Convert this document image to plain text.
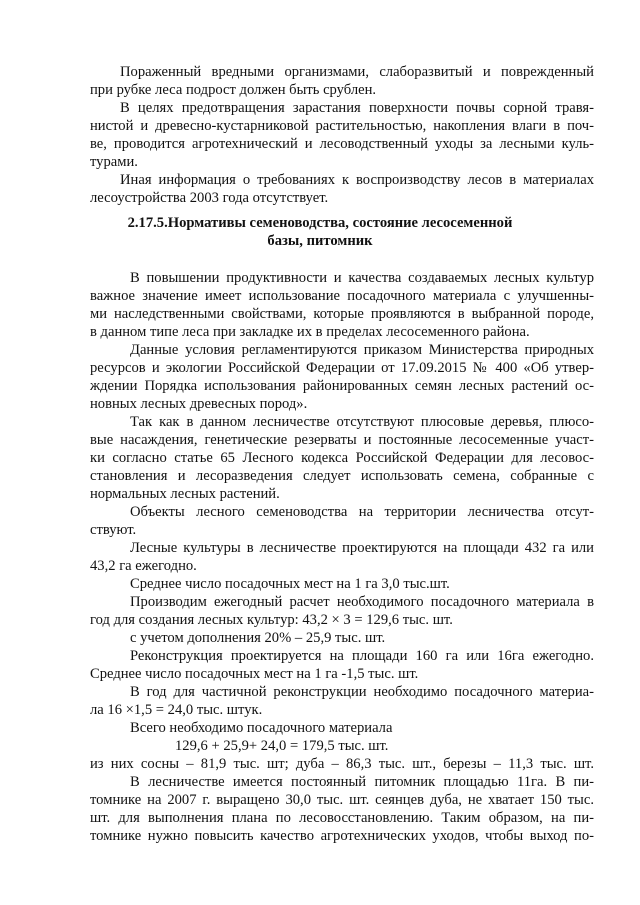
Пораженный вредными организмами, слаборазвитый и поврежденный
при рубке леса подрост должен быть срублен.
В целях предотвращения зарастания поверхности почвы сорной травя-
нистой и древесно-кустарниковой растительностью, накопления влаги в поч-
ве, проводится агротехнический и лесоводственный уходы за лесными куль-
турами.
Иная информация о требованиях к воспроизводству лесов в материалах
лесоустройства 2003 года отсутствует.
2.17.5.Нормативы семеноводства, состояние лесосеменной
базы, питомник
В повышении продуктивности и качества создаваемых лесных культур
важное значение имеет использование посадочного материала с улучшенны-
ми наследственными свойствами, которые проявляются в выбранной породе,
в данном типе леса при закладке их в пределах лесосеменного района.
Данные условия регламентируются приказом Министерства природных
ресурсов и экологии Российской Федерации от 17.09.2015 № 400 «Об утвер-
ждении Порядка использования районированных семян лесных растений ос-
новных лесных древесных пород».
Так как в данном лесничестве отсутствуют плюсовые деревья, плюсо-
вые насаждения, генетические резерваты и постоянные лесосеменные участ-
ки согласно статье 65 Лесного кодекса Российской Федерации для лесовос-
становления и лесоразведения следует использовать семена, собранные с
нормальных лесных растений.
Объекты лесного семеноводства на территории лесничества отсут-
ствуют.
Лесные культуры в лесничестве проектируются на площади 432 га или
43,2 га ежегодно.
Среднее число посадочных мест на 1 га 3,0 тыс.шт.
Производим ежегодный расчет необходимого посадочного материала в
год для создания лесных культур: 43,2 × 3 = 129,6 тыс. шт.
с учетом дополнения 20% – 25,9 тыс. шт.
Реконструкция проектируется на площади 160 га или 16га ежегодно.
Среднее число посадочных мест на 1 га -1,5 тыс. шт.
В год для частичной реконструкции необходимо посадочного материа-
ла 16 ×1,5 = 24,0 тыс. штук.
Всего необходимо посадочного материала
129,6 + 25,9+ 24,0 = 179,5 тыс. шт.
из них сосны – 81,9 тыс. шт; дуба – 86,3 тыс. шт., березы – 11,3 тыс. шт.
В лесничестве имеется постоянный питомник площадью 11га. В пи-
томнике на 2007 г. выращено 30,0 тыс. шт. сеянцев дуба, не хватает 150 тыс.
шт. для выполнения плана по лесовосстановлению. Таким образом, на пи-
томнике нужно повысить качество агротехнических уходов, чтобы выход по-
